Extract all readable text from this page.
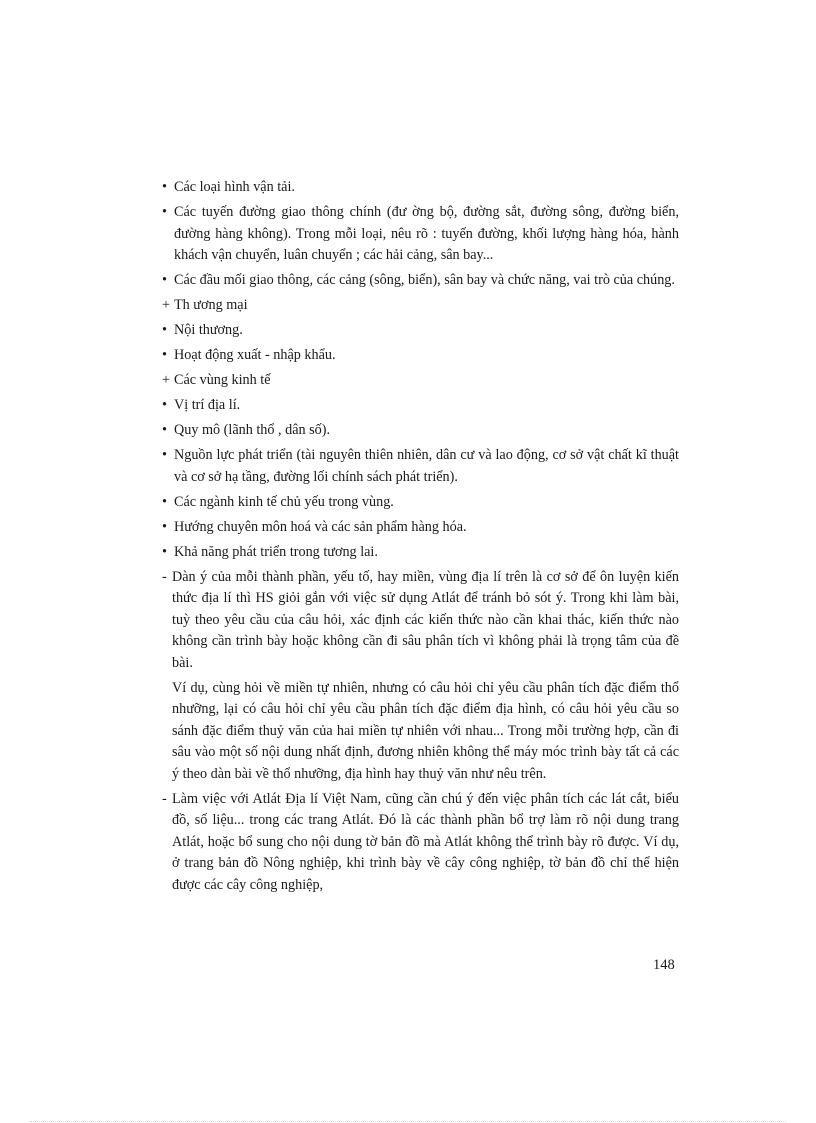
• Các loại hình vận tải.
• Các tuyến đường giao thông chính (đư ờng bộ, đường sắt, đường sông, đường biển, đường hàng không). Trong mỗi loại, nêu rõ : tuyến đường, khối lượng hàng hóa, hành khách vận chuyển, luân chuyển ; các hải cảng, sân bay...
• Các đầu mối giao thông, các cảng (sông, biển), sân bay và chức năng, vai trò của chúng.
+ Th ương mại
• Nội thương.
• Hoạt động xuất - nhập khẩu.
+ Các vùng kinh tế
• Vị trí địa lí.
• Quy mô (lãnh thổ , dân số).
• Nguồn lực phát triển (tài nguyên thiên nhiên, dân cư và lao động, cơ sở vật chất kĩ thuật và cơ sở hạ tầng, đường lối chính sách phát triển).
• Các ngành kinh tế chủ yếu trong vùng.
• Hướng chuyên môn hoá và các sản phẩm hàng hóa.
• Khả năng phát triển trong tương lai.
- Dàn ý của mỗi thành phần, yếu tố, hay miền, vùng địa lí trên là cơ sở để ôn luyện kiến thức địa lí thì HS giỏi gắn với việc sử dụng Atlát để tránh bỏ sót ý. Trong khi làm bài, tuỳ theo yêu cầu của câu hỏi, xác định các kiến thức nào cần khai thác, kiến thức nào không cần trình bày hoặc không cần đi sâu phân tích vì không phải là trọng tâm của đề bài.
Ví dụ, cùng hỏi về miền tự nhiên, nhưng có câu hỏi chỉ yêu cầu phân tích đặc điểm thổ nhưỡng, lại có câu hỏi chỉ yêu cầu phân tích đặc điểm địa hình, có câu hỏi yêu cầu so sánh đặc điểm thuỷ văn của hai miền tự nhiên với nhau... Trong mỗi trường hợp, cần đi sâu vào một số nội dung nhất định, đương nhiên không thể máy móc trình bày tất cả các ý theo dàn bài về thổ nhưỡng, địa hình hay thuỷ văn như nêu trên.
- Làm việc với Atlát Địa lí Việt Nam, cũng cần chú ý đến việc phân tích các lát cắt, biểu đồ, số liệu... trong các trang Atlát. Đó là các thành phần bổ trợ làm rõ nội dung trang Atlát, hoặc bổ sung cho nội dung tờ bản đồ mà Atlát không thể trình bày rõ được. Ví dụ, ở trang bản đồ Nông nghiệp, khi trình bày về cây công nghiệp, tờ bản đồ chỉ thể hiện được các cây công nghiệp,
148
